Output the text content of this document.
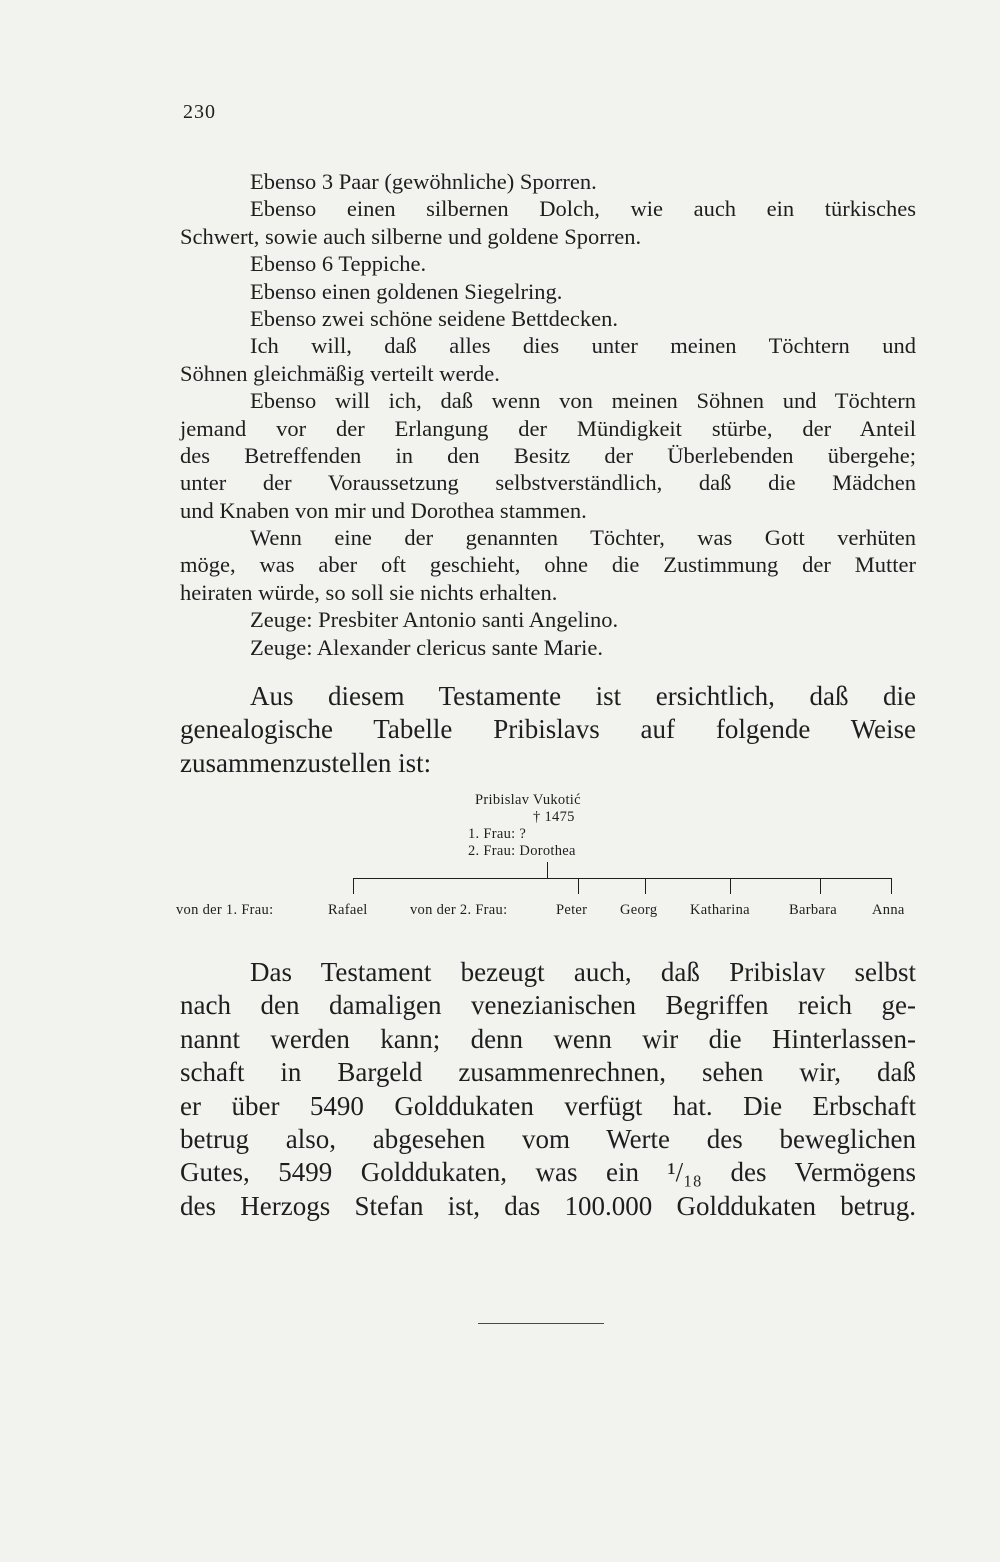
230
Ebenso 3 Paar (gewöhnliche) Sporren.
Ebenso einen silbernen Dolch, wie auch ein türkisches
Schwert, sowie auch silberne und goldene Sporren.
Ebenso 6 Teppiche.
Ebenso einen goldenen Siegelring.
Ebenso zwei schöne seidene Bettdecken.
Ich will, daß alles dies unter meinen Töchtern und
Söhnen gleichmäßig verteilt werde.
Ebenso will ich, daß wenn von meinen Söhnen und Töchtern
jemand vor der Erlangung der Mündigkeit stürbe, der Anteil
des Betreffenden in den Besitz der Überlebenden übergehe;
unter der Voraussetzung selbstverständlich, daß die Mädchen
und Knaben von mir und Dorothea stammen.
Wenn eine der genannten Töchter, was Gott verhüten
möge, was aber oft geschieht, ohne die Zustimmung der Mutter
heiraten würde, so soll sie nichts erhalten.
Zeuge: Presbiter Antonio santi Angelino.
Zeuge: Alexander clericus sante Marie.
Aus diesem Testamente ist ersichtlich, daß die
genealogische Tabelle Pribislavs auf folgende Weise
zusammenzustellen ist:
Pribislav Vukotić
† 1475
1. Frau: ?
2. Frau: Dorothea
von der 1. Frau:	Rafael	von der 2. Frau:	Peter Georg Katharina	Barbara Anna
Das Testament bezeugt auch, daß Pribislav selbst
nach den damaligen venezianischen Begriffen reich ge-
nannt werden kann; denn wenn wir die Hinterlassen-
schaft in Bargeld zusammenrechnen, sehen wir, daß
er über 5490 Golddukaten verfügt hat. Die Erbschaft
betrug also, abgesehen vom Werte des beweglichen
Gutes, 5499 Golddukaten, was ein ¹/₁₈ des Vermögens
des Herzogs Stefan ist, das 100.000 Golddukaten betrug.
